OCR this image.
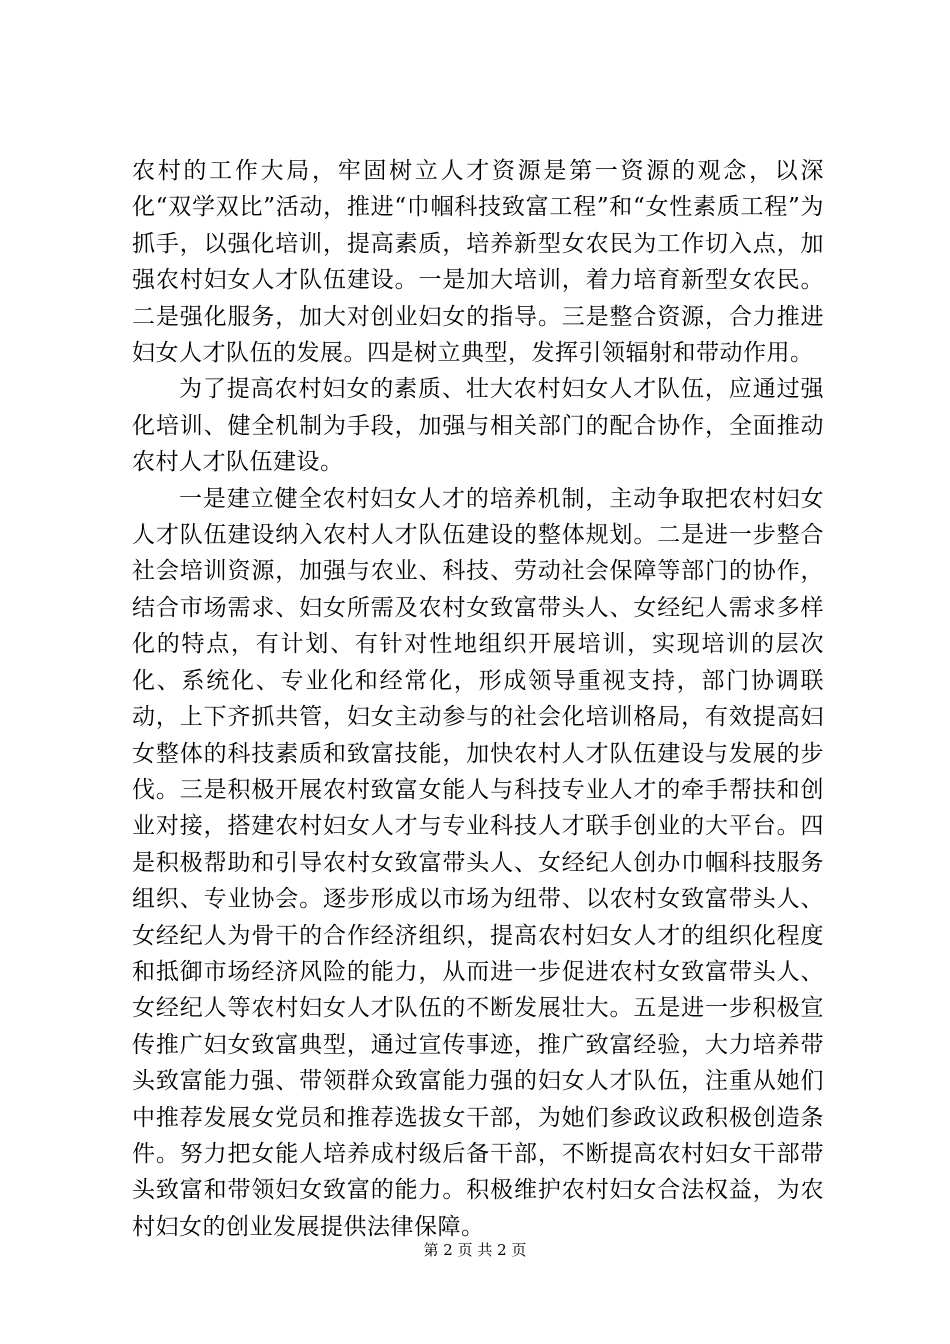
农村的工作大局，牢固树立人才资源是第一资源的观念，以深化“双学双比”活动，推进“巾帼科技致富工程”和“女性素质工程”为抓手，以强化培训，提高素质，培养新型女农民为工作切入点，加强农村妇女人才队伍建设。一是加大培训，着力培育新型女农民。二是强化服务，加大对创业妇女的指导。三是整合资源，合力推进妇女人才队伍的发展。四是树立典型，发挥引领辐射和带动作用。

为了提高农村妇女的素质、壮大农村妇女人才队伍，应通过强化培训、健全机制为手段，加强与相关部门的配合协作，全面推动农村人才队伍建设。

一是建立健全农村妇女人才的培养机制，主动争取把农村妇女人才队伍建设纳入农村人才队伍建设的整体规划。二是进一步整合社会培训资源，加强与农业、科技、劳动社会保障等部门的协作，结合市场需求、妇女所需及农村女致富带头人、女经纪人需求多样化的特点，有计划、有针对性地组织开展培训，实现培训的层次化、系统化、专业化和经常化，形成领导重视支持，部门协调联动，上下齐抓共管，妇女主动参与的社会化培训格局，有效提高妇女整体的科技素质和致富技能，加快农村人才队伍建设与发展的步伐。三是积极开展农村致富女能人与科技专业人才的牵手帮扶和创业对接，搭建农村妇女人才与专业科技人才联手创业的大平台。四是积极帮助和引导农村女致富带头人、女经纪人创办巾帼科技服务组织、专业协会。逐步形成以市场为纽带、以农村女致富带头人、女经纪人为骨干的合作经济组织，提高农村妇女人才的组织化程度和抵御市场经济风险的能力，从而进一步促进农村女致富带头人、女经纪人等农村妇女人才队伍的不断发展壮大。五是进一步积极宣传推广妇女致富典型，通过宣传事迹，推广致富经验，大力培养带头致富能力强、带领群众致富能力强的妇女人才队伍，注重从她们中推荐发展女党员和推荐选拔女干部，为她们参政议政积极创造条件。努力把女能人培养成村级后备干部，不断提高农村妇女干部带头致富和带领妇女致富的能力。积极维护农村妇女合法权益，为农村妇女的创业发展提供法律保障。

第 2 页 共 2 页
